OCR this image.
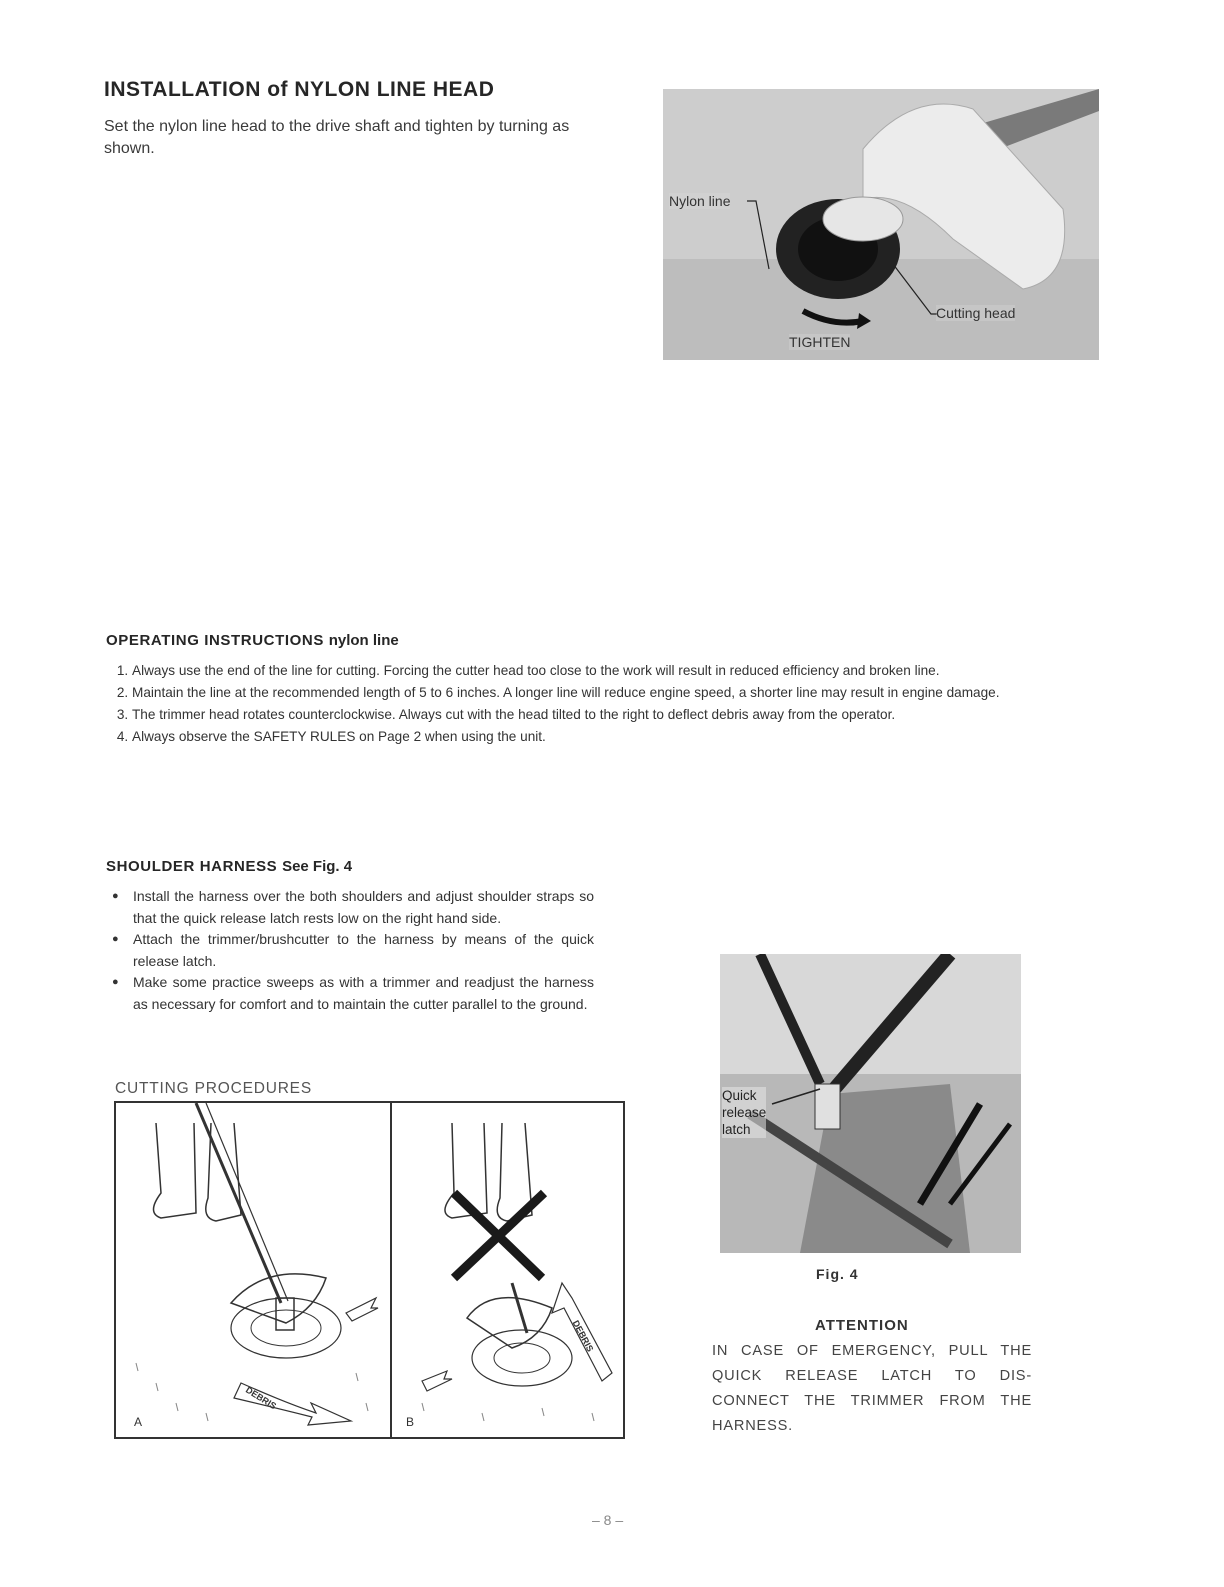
INSTALLATION of NYLON LINE HEAD
Set the nylon line head to the drive shaft and tighten by turning as shown.
Nylon line
Cutting head
TIGHTEN
OPERATING INSTRUCTIONS nylon line
1. Always use the end of the line for cutting. Forcing the cutter head too close to the work will result in reduced efficiency and broken line.
2. Maintain the line at the recommended length of 5 to 6 inches. A longer line will reduce engine speed, a shorter line may result in engine damage.
3. The trimmer head rotates counterclockwise. Always cut with the head tilted to the right to deflect debris away from the operator.
4. Always observe the SAFETY RULES on Page 2 when using the unit.
SHOULDER HARNESS See Fig. 4
● Install the harness over the both shoulders and adjust shoulder straps so that the quick release latch rests low on the right hand side.
● Attach the trimmer/brushcutter to the harness by means of the quick release latch.
● Make some practice sweeps as with a trimmer and readjust the harness as necessary for comfort and to maintain the cutter parallel to the ground.
CUTTING PROCEDURES
A
DEBRIS
B
DEBRIS
Quick
release
latch
Fig. 4
ATTENTION
IN CASE OF EMERGENCY, PULL THE QUICK RELEASE LATCH TO DIS-CONNECT THE TRIMMER FROM THE HARNESS.
– 8 –
